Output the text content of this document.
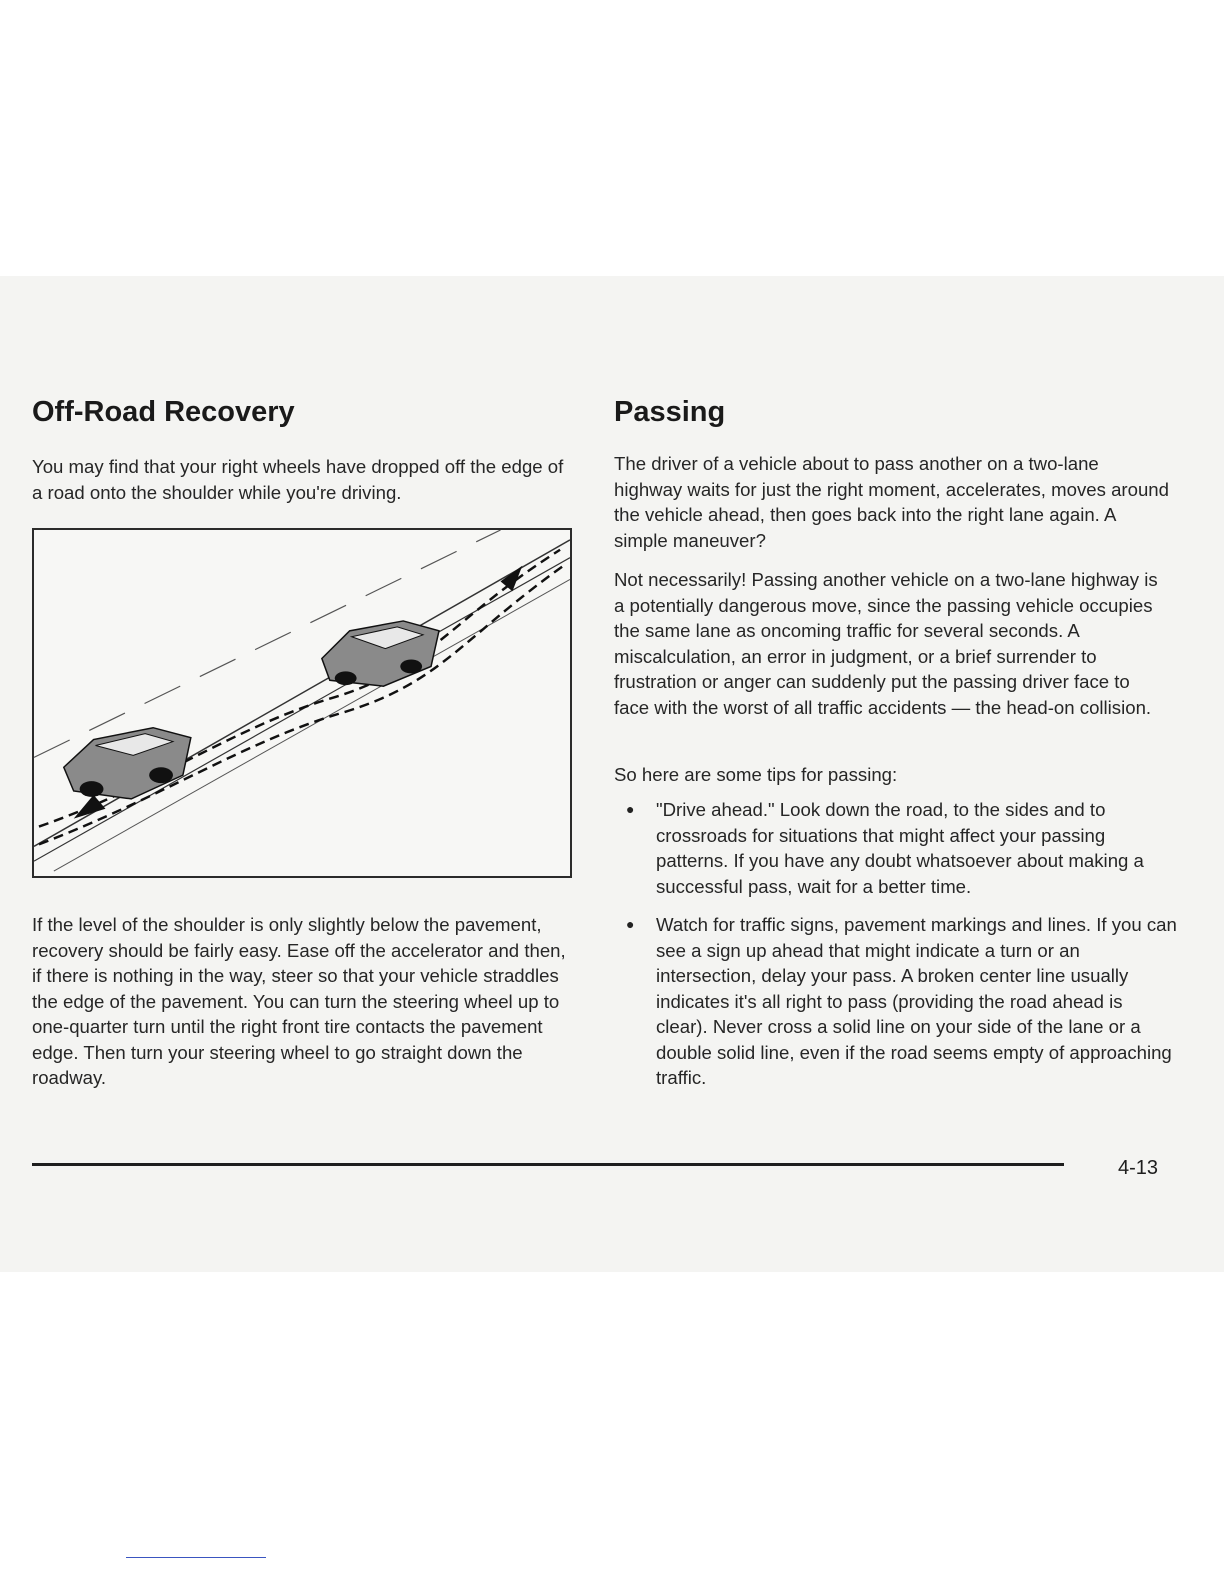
Off-Road Recovery

You may find that your right wheels have dropped off the edge of a road onto the shoulder while you're driving.

If the level of the shoulder is only slightly below the pavement, recovery should be fairly easy. Ease off the accelerator and then, if there is nothing in the way, steer so that your vehicle straddles the edge of the pavement. You can turn the steering wheel up to one-quarter turn until the right front tire contacts the pavement edge. Then turn your steering wheel to go straight down the roadway.

Passing

The driver of a vehicle about to pass another on a two-lane highway waits for just the right moment, accelerates, moves around the vehicle ahead, then goes back into the right lane again. A simple maneuver?

Not necessarily! Passing another vehicle on a two-lane highway is a potentially dangerous move, since the passing vehicle occupies the same lane as oncoming traffic for several seconds. A miscalculation, an error in judgment, or a brief surrender to frustration or anger can suddenly put the passing driver face to face with the worst of all traffic accidents — the head-on collision.

So here are some tips for passing:

● "Drive ahead." Look down the road, to the sides and to crossroads for situations that might affect your passing patterns. If you have any doubt whatsoever about making a successful pass, wait for a better time.
● Watch for traffic signs, pavement markings and lines. If you can see a sign up ahead that might indicate a turn or an intersection, delay your pass. A broken center line usually indicates it's all right to pass (providing the road ahead is clear). Never cross a solid line on your side of the lane or a double solid line, even if the road seems empty of approaching traffic.
4-13
